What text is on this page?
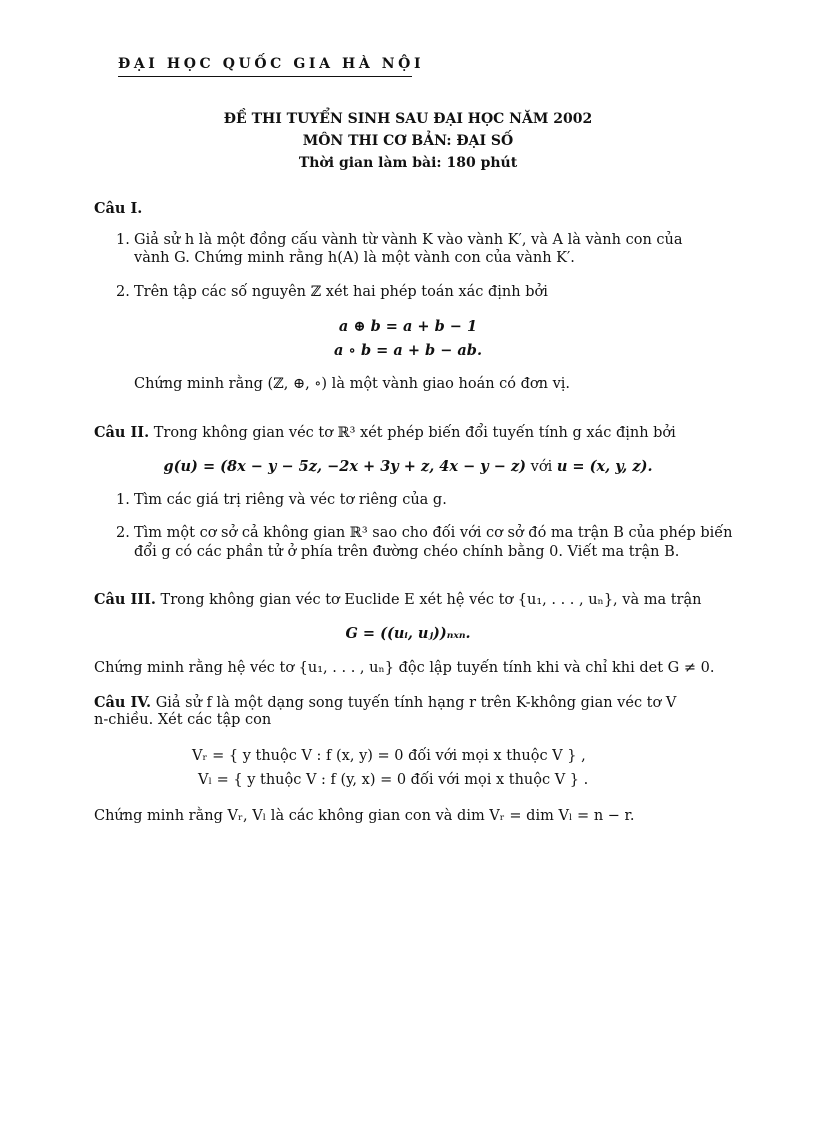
ĐẠI HỌC QUỐC GIA HÀ NỘI
ĐỀ THI TUYỂN SINH SAU ĐẠI HỌC NĂM 2002
MÔN THI CƠ BẢN: ĐẠI SỐ
Thời gian làm bài: 180 phút
Câu I.
1. Giả sử h là một đồng cấu vành từ vành K vào vành K′, và A là vành con của
vành G. Chứng minh rằng h(A) là một vành con của vành K′.
2. Trên tập các số nguyên ℤ xét hai phép toán xác định bởi
a ⊕ b = a + b − 1
a ∘ b = a + b − ab.
Chứng minh rằng (ℤ, ⊕, ∘) là một vành giao hoán có đơn vị.
Câu II. Trong không gian véc tơ ℝ³ xét phép biến đổi tuyến tính g xác định bởi
g(u) = (8x − y − 5z, −2x + 3y + z, 4x − y − z) với u = (x, y, z).
1. Tìm các giá trị riêng và véc tơ riêng của g.
2. Tìm một cơ sở cả không gian ℝ³ sao cho đối với cơ sở đó ma trận B của phép biến
đổi g có các phần tử ở phía trên đường chéo chính bằng 0. Viết ma trận B.
Câu III. Trong không gian véc tơ Euclide E xét hệ véc tơ {u₁, . . . , uₙ}, và ma trận
G = ((uᵢ, uⱼ))ₙₓₙ.
Chứng minh rằng hệ véc tơ {u₁, . . . , uₙ} độc lập tuyến tính khi và chỉ khi det G ≠ 0.
Câu IV. Giả sử f là một dạng song tuyến tính hạng r trên K-không gian véc tơ V
n-chiều. Xét các tập con
Vᵣ = { y thuộc V : f (x, y) = 0 đối với mọi x thuộc V } ,
Vₗ = { y thuộc V : f (y, x) = 0 đối với mọi x thuộc V } .
Chứng minh rằng Vᵣ, Vₗ là các không gian con và dim Vᵣ = dim Vₗ = n − r.
